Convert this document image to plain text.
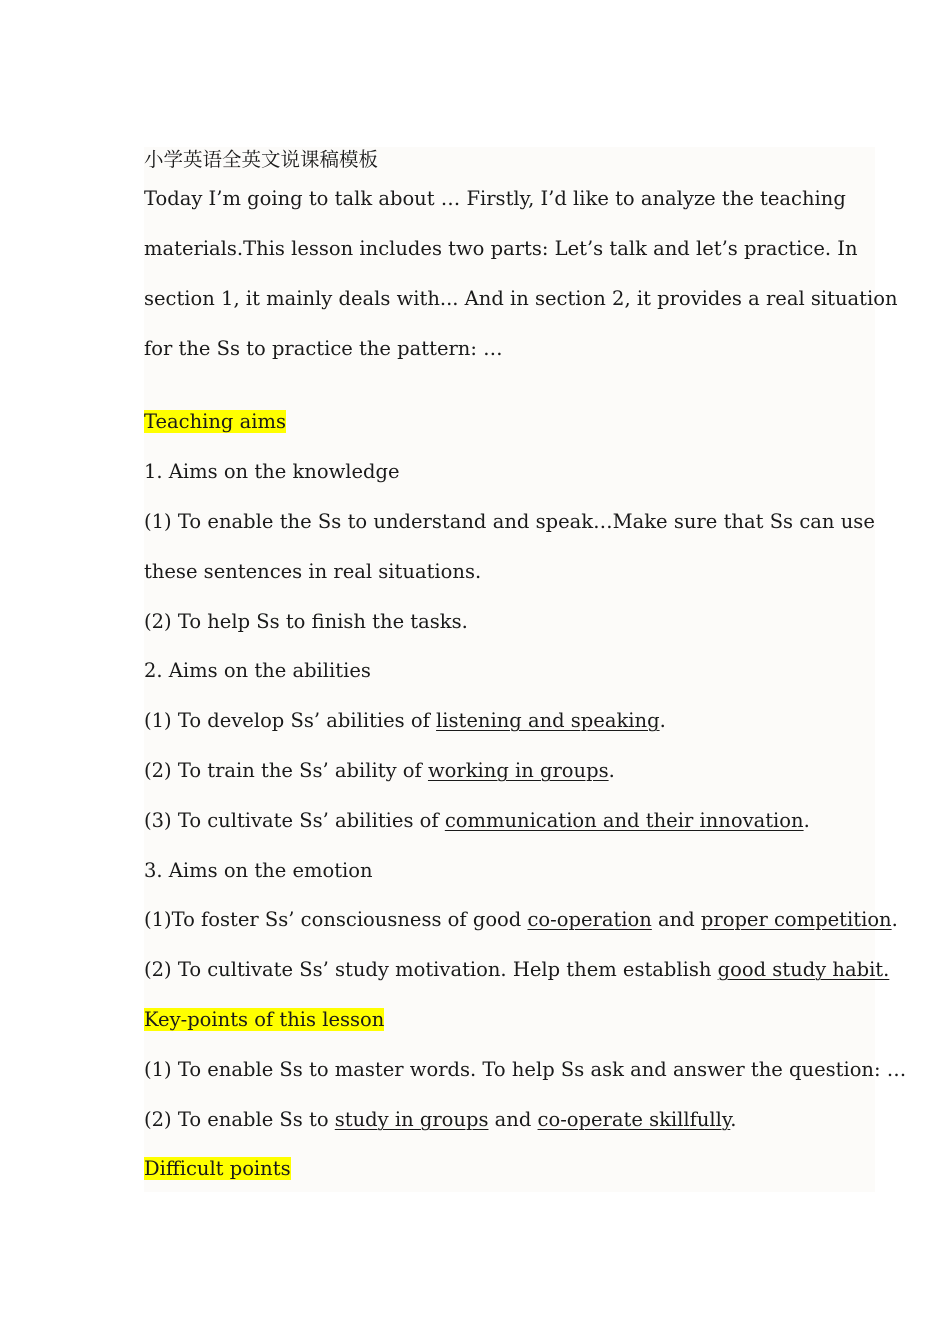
小学英语全英文说课稿模板
Today I’m going to talk about … Firstly, I’d like to analyze the teaching
materials.This lesson includes two parts: Let’s talk and let’s practice. In
section 1, it mainly deals with... And in section 2, it provides a real situation
for the Ss to practice the pattern: …
Teaching aims
1. Aims on the knowledge
(1) To enable the Ss to understand and speak…Make sure that Ss can use
these sentences in real situations.
(2) To help Ss to finish the tasks.
2. Aims on the abilities
(1) To develop Ss’ abilities of listening and speaking.
(2) To train the Ss’ ability of working in groups.
(3) To cultivate Ss’ abilities of communication and their innovation.
3. Aims on the emotion
(1)To foster Ss’ consciousness of good co-operation and proper competition.
(2) To cultivate Ss’ study motivation. Help them establish good study habit.
Key-points of this lesson
(1) To enable Ss to master words. To help Ss ask and answer the question: …
(2) To enable Ss to study in groups and co-operate skillfully.
Difficult points
